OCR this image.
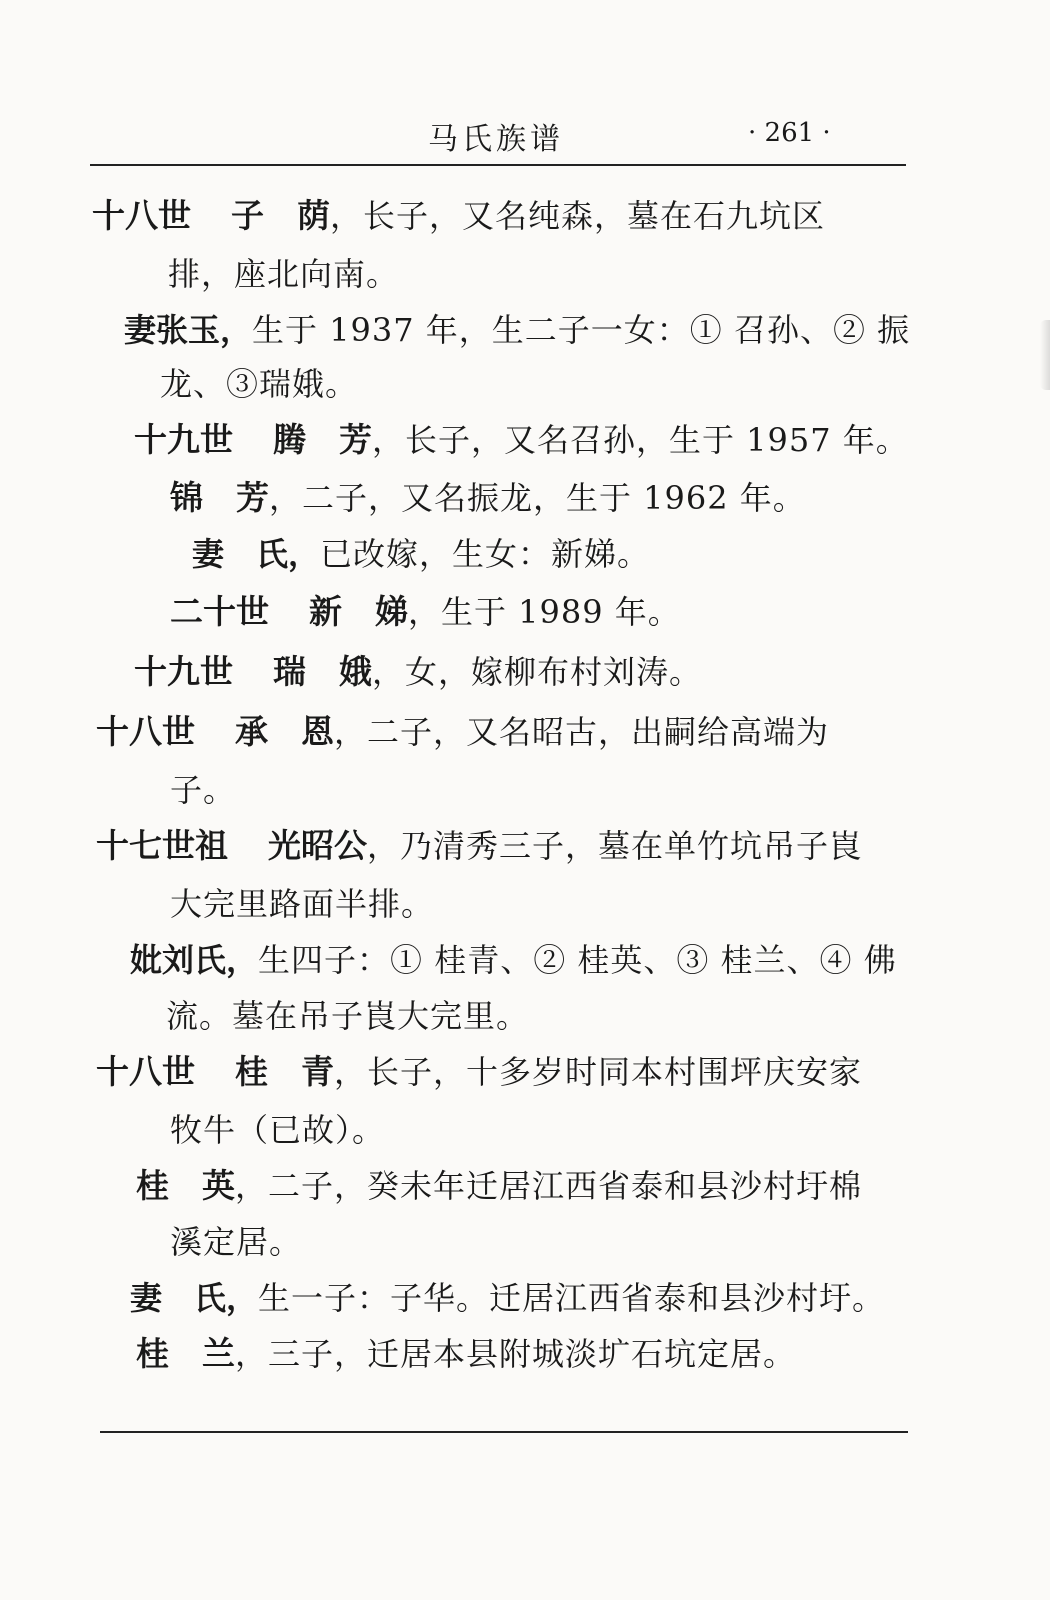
马氏族谱	· 261 ·
十八世 子　荫，长子，又名纯森，墓在石九坑区
排，座北向南。
妻张玉，生于 1937 年，生二子一女：① 召孙、② 振
龙、③瑞娥。
十九世 腾　芳，长子，又名召孙，生于 1957 年。
锦　芳，二子，又名振龙，生于 1962 年。
妻　氏，已改嫁，生女：新娣。
二十世 新　娣，生于 1989 年。
十九世 瑞　娥，女，嫁柳布村刘涛。
十八世 承　恩，二子，又名昭古，出嗣给高端为
子。
十七世祖 光昭公，乃清秀三子，墓在单竹坑吊子崀
大完里路面半排。
妣刘氏，生四子：① 桂青、② 桂英、③ 桂兰、④ 佛
流。墓在吊子崀大完里。
十八世 桂　青，长子，十多岁时同本村围坪庆安家
牧牛（已故）。
桂　英，二子，癸未年迁居江西省泰和县沙村圩棉
溪定居。
妻　氏，生一子：子华。迁居江西省泰和县沙村圩。
桂　兰，三子，迁居本县附城淡圹石坑定居。
